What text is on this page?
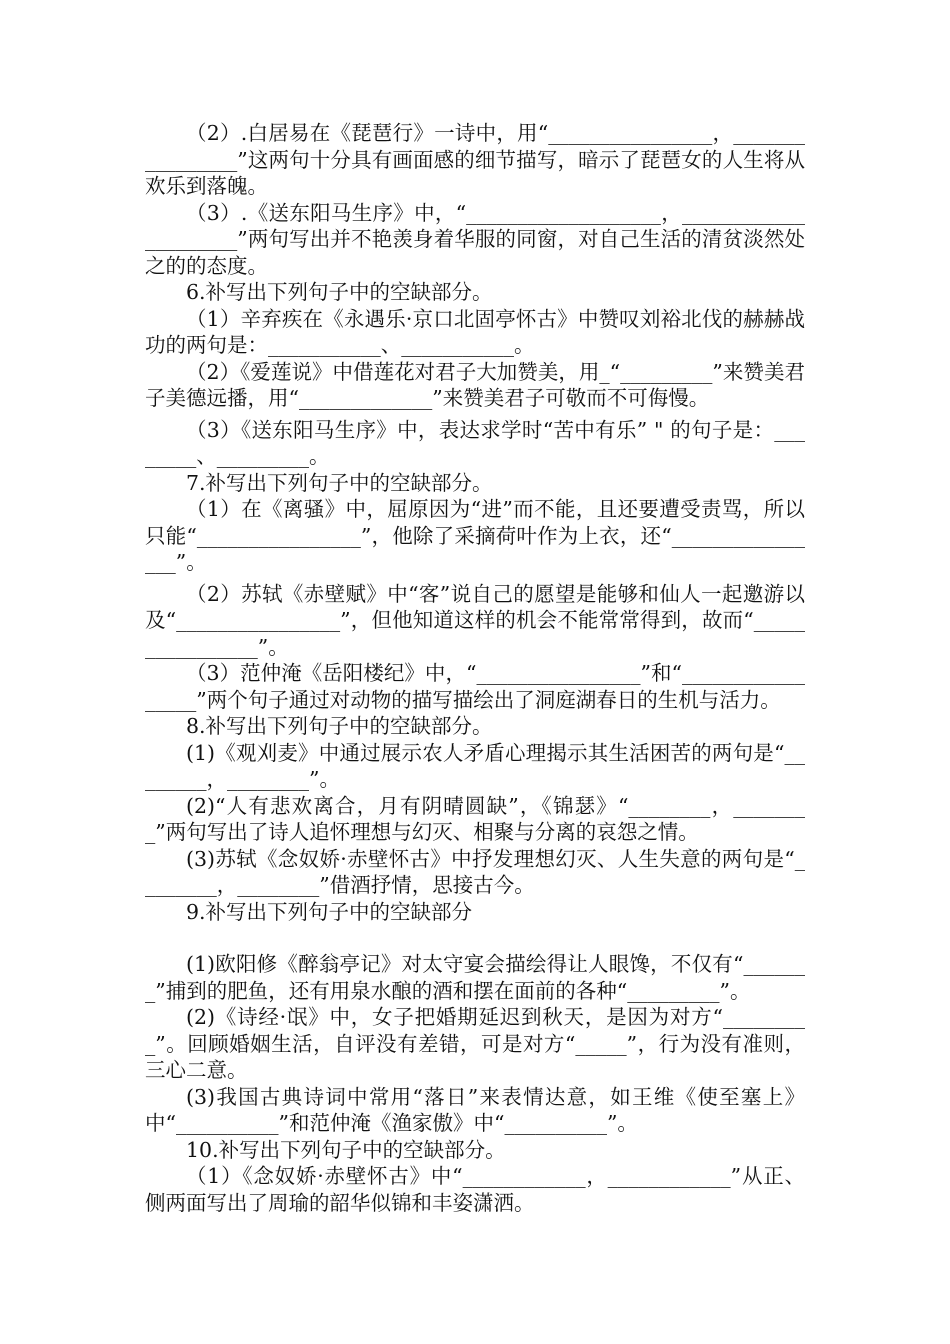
（2）.白居易在《琵琶行》一诗中，用“________________，________________”这两句十分具有画面感的细节描写，暗示了琵琶女的人生将从欢乐到落魄。

（3）.《送东阳马生序》中，“___________________，_____________________”两句写出并不艳羡身着华服的同窗，对自己生活的清贫淡然处之的的态度。

6.补写出下列句子中的空缺部分。

（1）辛弃疾在《永遇乐·京口北固亭怀古》中赞叹刘裕北伐的赫赫战功的两句是：___________、___________。

（2）《爱莲说》中借莲花对君子大加赞美，用_“_________”来赞美君子美德远播，用“_____________”来赞美君子可敬而不可侮慢。

（3）《送东阳马生序》中，表达求学时“苦中有乐” " 的句子是：________、_________。

7.补写出下列句子中的空缺部分。

（1）在《离骚》中，屈原因为“进”而不能，且还要遭受责骂，所以只能“________________”，他除了采摘荷叶作为上衣，还“________________”。

（2）苏轼《赤壁赋》中“客”说自己的愿望是能够和仙人一起邀游以及“________________”，但他知道这样的机会不能常常得到，故而“________________”。

（3）范仲淹《岳阳楼纪》中，“________________”和“_________________”两个句子通过对动物的描写描绘出了洞庭湖春日的生机与活力。

8.补写出下列句子中的空缺部分。

(1)《观刈麦》中通过展示农人矛盾心理揭示其生活困苦的两句是“________，________”。

(2)“人有悲欢离合，月有阴晴圆缺”，《锦瑟》“________，________”两句写出了诗人追怀理想与幻灭、相聚与分离的哀怨之情。

(3)苏轼《念奴娇·赤壁怀古》中抒发理想幻灭、人生失意的两句是“________，________”借酒抒情，思接古今。

9.补写出下列句子中的空缺部分

(1)欧阳修《醉翁亭记》对太守宴会描绘得让人眼馋，不仅有“_______”捕到的肥鱼，还有用泉水酿的酒和摆在面前的各种“_________”。

(2)《诗经·氓》中，女子把婚期延迟到秋天，是因为对方“_________”。回顾婚姻生活，自评没有差错，可是对方“_____”，行为没有准则，三心二意。

(3)我国古典诗词中常用“落日”来表情达意，如王维《使至塞上》中“__________”和范仲淹《渔家傲》中“__________”。

10.补写出下列句子中的空缺部分。

（1）《念奴娇·赤壁怀古》中“____________，____________”从正、侧两面写出了周瑜的韶华似锦和丰姿潇洒。
